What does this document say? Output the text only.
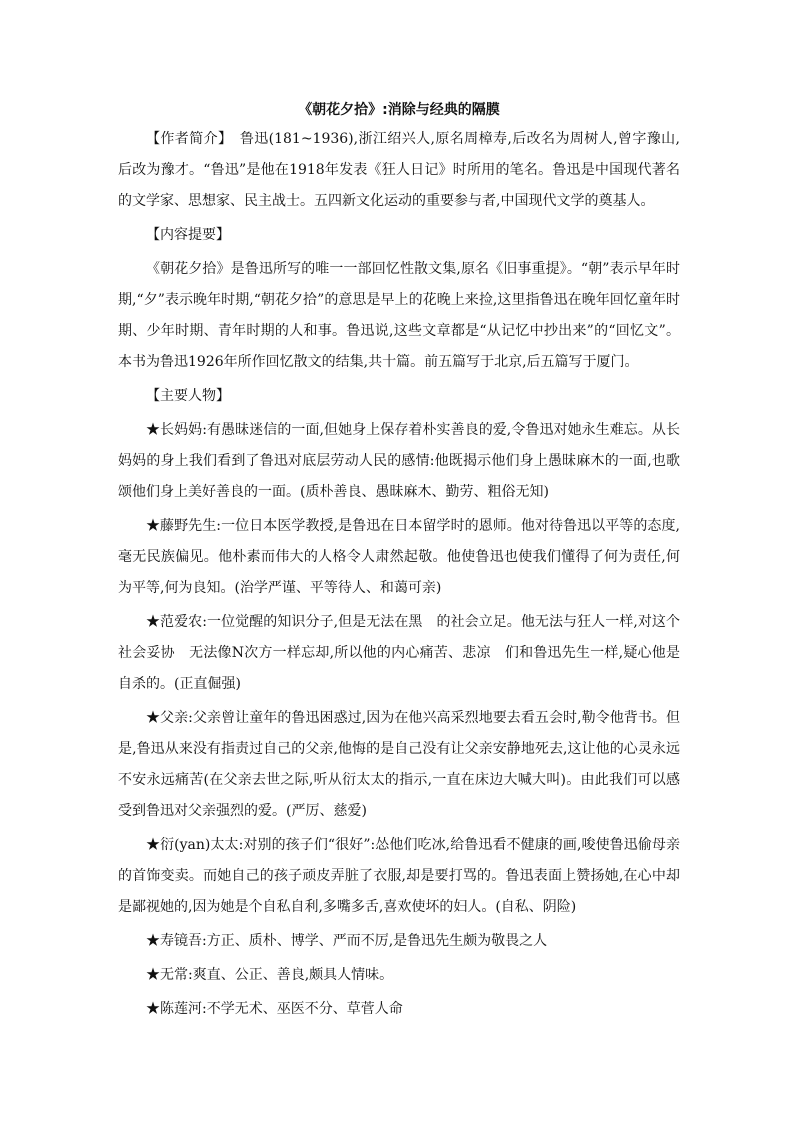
《朝花夕拾》:消除与经典的隔膜

【作者简介】　鲁迅(181~1936),浙江绍兴人,原名周樟寿,后改名为周树人,曾字豫山,后改为豫才。“鲁迅”是他在1918年发表《狂人日记》时所用的笔名。鲁迅是中国现代著名的文学家、思想家、民主战士。五四新文化运动的重要参与者,中国现代文学的奠基人。

【内容提要】

《朝花夕拾》是鲁迅所写的唯一一部回忆性散文集,原名《旧事重提》。“朝”表示早年时期,“夕”表示晚年时期,“朝花夕拾”的意思是早上的花晚上来捡,这里指鲁迅在晚年回忆童年时期、少年时期、青年时期的人和事。鲁迅说,这些文章都是“从记忆中抄出来”的“回忆文”。本书为鲁迅1926年所作回忆散文的结集,共十篇。前五篇写于北京,后五篇写于厦门。

【主要人物】

★长妈妈:有愚昧迷信的一面,但她身上保存着朴实善良的爱,令鲁迅对她永生难忘。从长妈妈的身上我们看到了鲁迅对底层劳动人民的感情:他既揭示他们身上愚昧麻木的一面,也歌颂他们身上美好善良的一面。(质朴善良、愚昧麻木、勤劳、粗俗无知)

★藤野先生:一位日本医学教授,是鲁迅在日本留学时的恩师。他对待鲁迅以平等的态度,毫无民族偏见。他朴素而伟大的人格令人肃然起敬。他使鲁迅也使我们懂得了何为责任,何为平等,何为良知。(治学严谨、平等待人、和蔼可亲)

★范爱农:一位觉醒的知识分子,但是无法在黑　的社会立足。他无法与狂人一样,对这个社会妥协　无法像N次方一样忘却,所以他的内心痛苦、悲凉　们和鲁迅先生一样,疑心他是自杀的。(正直倔强)

★父亲:父亲曾让童年的鲁迅困惑过,因为在他兴高采烈地要去看五会时,勒令他背书。但是,鲁迅从来没有指责过自己的父亲,他悔的是自己没有让父亲安静地死去,这让他的心灵永远不安永远痛苦(在父亲去世之际,听从衍太太的指示,一直在床边大喊大叫)。由此我们可以感受到鲁迅对父亲强烈的爱。(严厉、慈爱)

★衍(yan)太太:对别的孩子们“很好”:怂他们吃冰,给鲁迅看不健康的画,唆使鲁迅偷母亲的首饰变卖。而她自己的孩子顽皮弄脏了衣服,却是要打骂的。鲁迅表面上赞扬她,在心中却是鄙视她的,因为她是个自私自利,多嘴多舌,喜欢使坏的妇人。(自私、阴险)

★寿镜吾:方正、质朴、博学、严而不厉,是鲁迅先生颇为敬畏之人

★无常:爽直、公正、善良,颇具人情味。

★陈莲河:不学无术、巫医不分、草菅人命
